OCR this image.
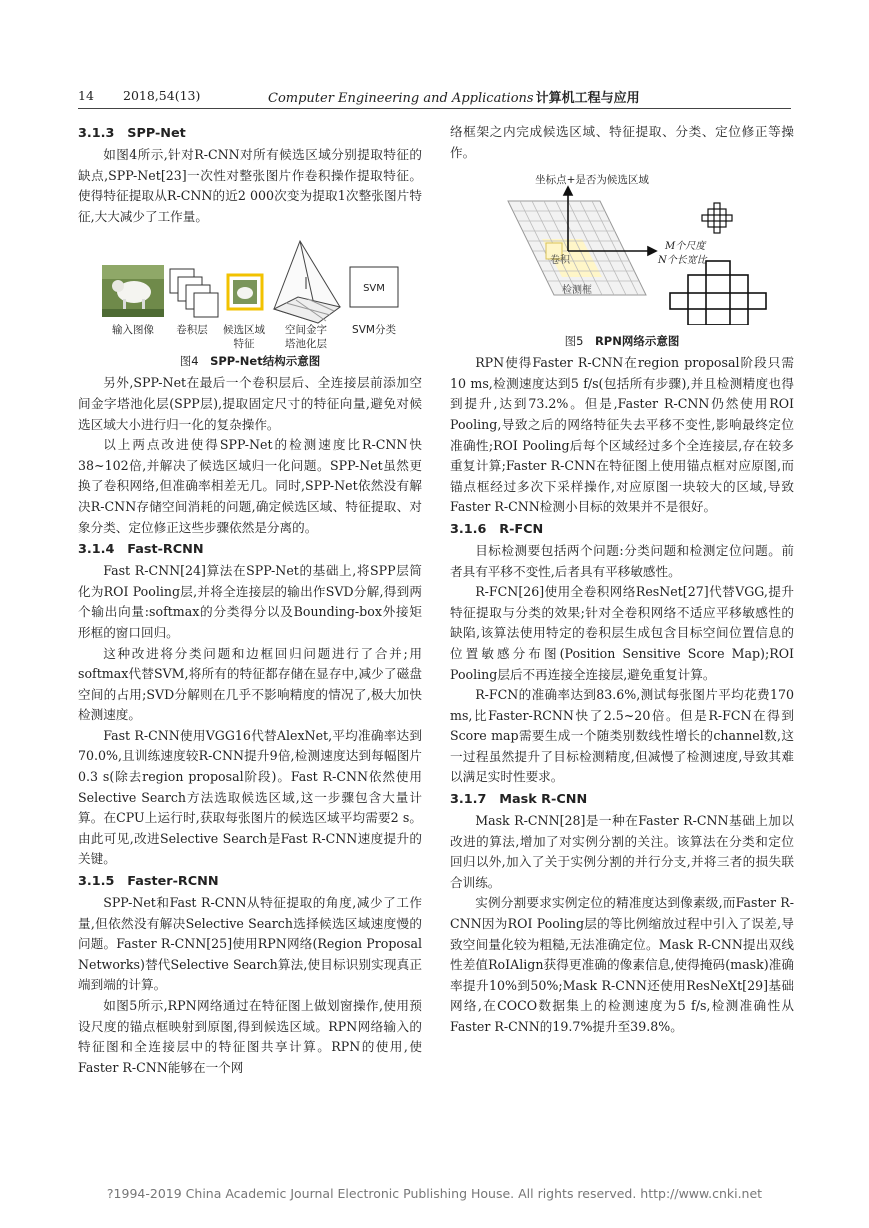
14 2018,54(13)	Computer Engineering and Applications 计算机工程与应用
3.1.3　SPP-Net

如图4所示,针对R-CNN对所有候选区域分别提取特征的缺点,SPP-Net[23]一次性对整张图片作卷积操作提取特征。使得特征提取从R-CNN的近2 000次变为提取1次整张图片特征,大大减少了工作量。

SVM
输入图像	卷积层	候选区域
特征
空间金字
塔池化层
SVM分类
图4　 SPP-Net结构示意图

另外,SPP-Net在最后一个卷积层后、全连接层前添加空间金字塔池化层(SPP层),提取固定尺寸的特征向量,避免对候选区域大小进行归一化的复杂操作。

以上两点改进使得SPP-Net的检测速度比R-CNN快38~102倍,并解决了候选区域归一化问题。SPP-Net虽然更换了卷积网络,但准确率相差无几。同时,SPP-Net依然没有解决R-CNN存储空间消耗的问题,确定候选区域、特征提取、对象分类、定位修正这些步骤依然是分离的。

3.1.4　Fast-RCNN

Fast R-CNN[24]算法在SPP-Net的基础上,将SPP层简化为ROI Pooling层,并将全连接层的输出作SVD分解,得到两个输出向量:softmax的分类得分以及Bounding-box外接矩形框的窗口回归。

这种改进将分类问题和边框回归问题进行了合并;用softmax代替SVM,将所有的特征都存储在显存中,减少了磁盘空间的占用;SVD分解则在几乎不影响精度的情况了,极大加快检测速度。

Fast R-CNN使用VGG16代替AlexNet,平均准确率达到70.0%,且训练速度较R-CNN提升9倍,检测速度达到每幅图片0.3 s(除去region proposal阶段)。Fast R-CNN依然使用Selective Search方法选取候选区域,这一步骤包含大量计算。在CPU上运行时,获取每张图片的候选区域平均需要2 s。由此可见,改进Selective Search是Fast R-CNN速度提升的关键。

3.1.5　Faster-RCNN

SPP-Net和Fast R-CNN从特征提取的角度,减少了工作量,但依然没有解决Selective Search选择候选区域速度慢的问题。Faster R-CNN[25]使用RPN网络(Region Proposal Networks)替代Selective Search算法,使目标识别实现真正端到端的计算。

如图5所示,RPN网络通过在特征图上做划窗操作,使用预设尺度的锚点框映射到原图,得到候选区域。RPN网络输入的特征图和全连接层中的特征图共享计算。RPN的使用,使Faster R-CNN能够在一个网

络框架之内完成候选区域、特征提取、分类、定位修正等操作。

坐标点+是否为候选区域
卷积
检测框
M个尺度
N个长宽比
图5　 RPN网络示意图

RPN使得Faster R-CNN在region proposal阶段只需10 ms,检测速度达到5 f/s(包括所有步骤),并且检测精度也得到提升,达到73.2%。但是,Faster R-CNN仍然使用ROI Pooling,导致之后的网络特征失去平移不变性,影响最终定位准确性;ROI Pooling后每个区域经过多个全连接层,存在较多重复计算;Faster R-CNN在特征图上使用锚点框对应原图,而锚点框经过多次下采样操作,对应原图一块较大的区域,导致Faster R-CNN检测小目标的效果并不是很好。

3.1.6　R-FCN

目标检测要包括两个问题:分类问题和检测定位问题。前者具有平移不变性,后者具有平移敏感性。

R-FCN[26]使用全卷积网络ResNet[27]代替VGG,提升特征提取与分类的效果;针对全卷积网络不适应平移敏感性的缺陷,该算法使用特定的卷积层生成包含目标空间位置信息的位置敏感分布图(Position Sensitive Score Map);ROI Pooling层后不再连接全连接层,避免重复计算。

R-FCN的准确率达到83.6%,测试每张图片平均花费170 ms,比Faster-RCNN快了2.5~20倍。但是R-FCN在得到Score map需要生成一个随类别数线性增长的channel数,这一过程虽然提升了目标检测精度,但减慢了检测速度,导致其难以满足实时性要求。

3.1.7　Mask R-CNN

Mask R-CNN[28]是一种在Faster R-CNN基础上加以改进的算法,增加了对实例分割的关注。该算法在分类和定位回归以外,加入了关于实例分割的并行分支,并将三者的损失联合训练。

实例分割要求实例定位的精准度达到像素级,而Faster R-CNN因为ROI Pooling层的等比例缩放过程中引入了误差,导致空间量化较为粗糙,无法准确定位。Mask R-CNN提出双线性差值RoIAlign获得更准确的像素信息,使得掩码(mask)准确率提升10%到50%;Mask R-CNN还使用ResNeXt[29]基础网络,在COCO数据集上的检测速度为5 f/s,检测准确性从Faster R-CNN的19.7%提升至39.8%。

?1994-2019 China Academic Journal Electronic Publishing House. All rights reserved. http://www.cnki.net
